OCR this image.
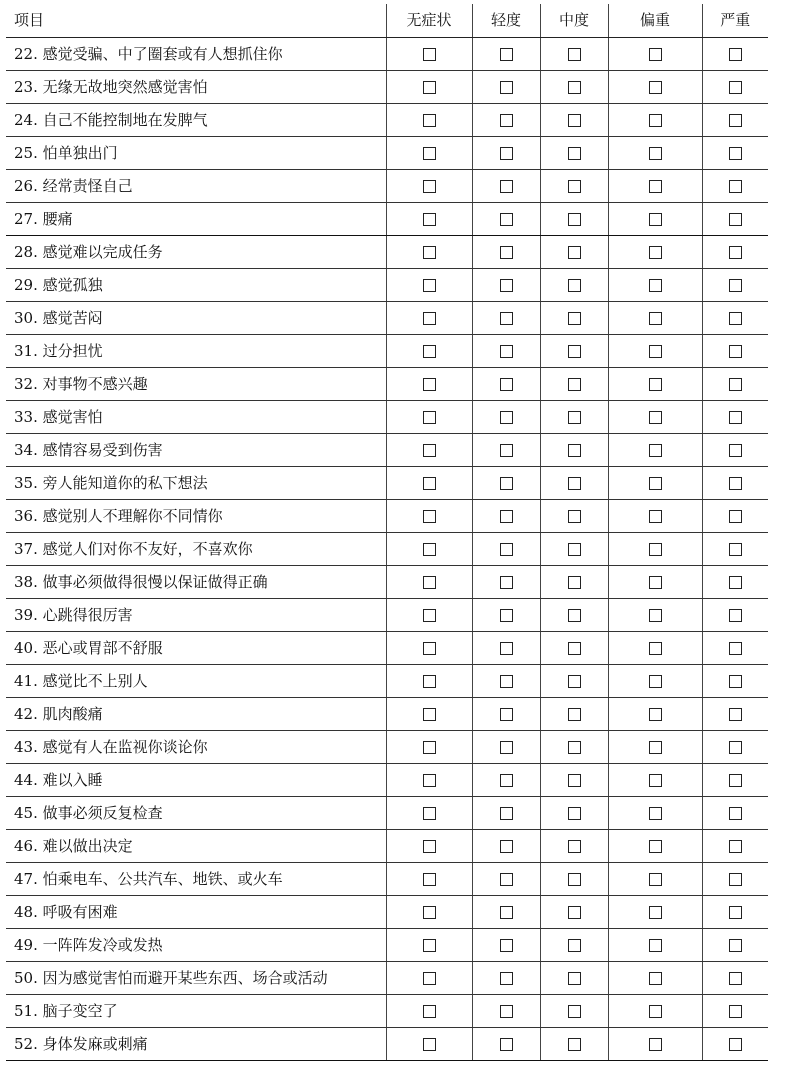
项目	无症状	轻度	中度	偏重	严重
22. 感觉受骗、中了圈套或有人想抓住你					
23. 无缘无故地突然感觉害怕					
24. 自己不能控制地在发脾气					
25. 怕单独出门					
26. 经常责怪自己					
27. 腰痛					
28. 感觉难以完成任务					
29. 感觉孤独					
30. 感觉苦闷					
31. 过分担忧					
32. 对事物不感兴趣					
33. 感觉害怕					
34. 感情容易受到伤害					
35. 旁人能知道你的私下想法					
36. 感觉别人不理解你不同情你					
37. 感觉人们对你不友好，不喜欢你					
38. 做事必须做得很慢以保证做得正确					
39. 心跳得很厉害					
40. 恶心或胃部不舒服					
41. 感觉比不上别人					
42. 肌肉酸痛					
43. 感觉有人在监视你谈论你					
44. 难以入睡					
45. 做事必须反复检查					
46. 难以做出决定					
47. 怕乘电车、公共汽车、地铁、或火车					
48. 呼吸有困难					
49. 一阵阵发冷或发热					
50. 因为感觉害怕而避开某些东西、场合或活动					
51. 脑子变空了					
52. 身体发麻或刺痛					
